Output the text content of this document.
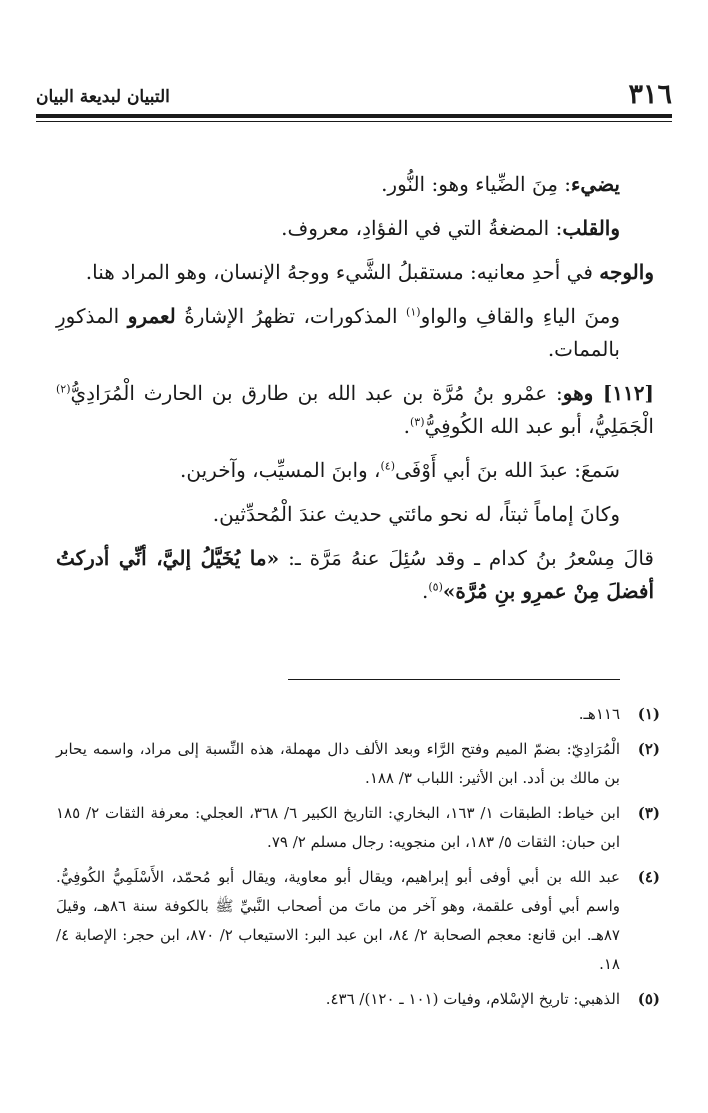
٣١٦
التبيان لبديعة البيان

يضيء: مِنَ الضِّياء وهو: النُّور.

والقلب: المضغةُ التي في الفؤادِ، معروف.

والوجه في أحدِ معانيه: مستقبلُ الشَّيء ووجهُ الإنسان، وهو المراد هنا.

ومنَ الياءِ والقافِ والواو$^{(١)}$ المذكورات، تظهرُ الإشارةُ لعمرو المذكورِ بالممات.

[١١٢] وهو: عمْرو بنُ مُرَّة بن عبد الله بن طارق بن الحارث الْمُرَادِيُّ$^{(٢)}$ الْجَمَلِيُّ، أبو عبد الله الكُوفِيُّ$^{(٣)}$.

سَمعَ: عبدَ الله بنَ أبي أَوْفَى$^{(٤)}$، وابنَ المسيِّب، وآخرين.

وكانَ إماماً ثبتاً، له نحو مائتي حديث عندَ الْمُحدِّثين.

قالَ مِسْعرُ بنُ كدام ـ وقد سُئِلَ عنهُ مَرَّة ـ: «ما يُخَيَّلُ إليَّ، أنِّي أدركتُ أفضلَ مِنْ عمرِو بنِ مُرَّة»$^{(٥)}$.

(١)
١١٦هـ.
(٢)
الْمُرَادِيّ: بضمّ الميم وفتح الرَّاء وبعد الألف دال مهملة، هذه النِّسبة إلى مراد، واسمه يحابر بن مالك بن أدد. ابن الأثير: اللباب ٣/ ١٨٨.
(٣)
ابن خياط: الطبقات ١/ ١٦٣، البخاري: التاريخ الكبير ٦/ ٣٦٨، العجلي: معرفة الثقات ٢/ ١٨٥ ابن حبان: الثقات ٥/ ١٨٣، ابن منجويه: رجال مسلم ٢/ ٧٩.
(٤)
عبد الله بن أبي أوفى أبو إبراهيم، ويقال أبو معاوية، ويقال أبو مُحمّد، الأَسْلَمِيُّ الكُوفِيُّ. واسم أبي أوفى علقمة، وهو آخر من ماتَ من أصحاب النَّبيِّ ﷺ بالكوفة سنة ٨٦هـ، وقيلَ ٨٧هـ. ابن قانع: معجم الصحابة ٢/ ٨٤، ابن عبد البر: الاستيعاب ٢/ ٨٧٠، ابن حجر: الإصابة ٤/ ١٨.
(٥)
الذهبي: تاريخ الإسْلام، وفيات (١٠١ ـ ١٢٠)/ ٤٣٦.
